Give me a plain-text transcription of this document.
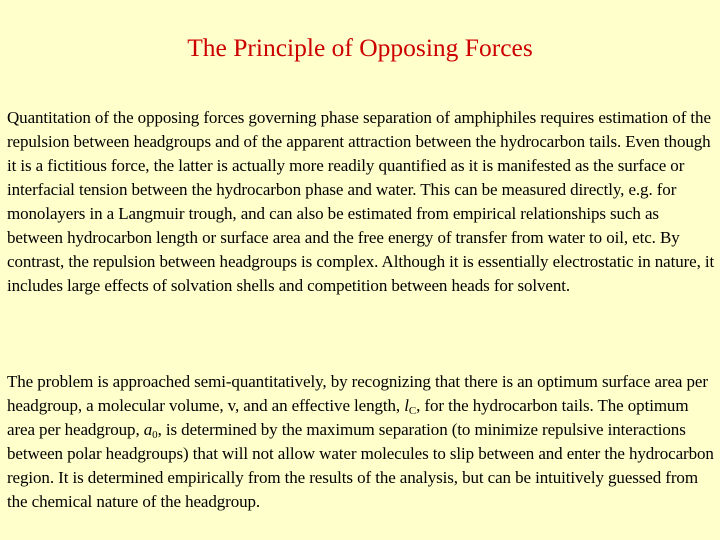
The Principle of Opposing Forces

Quantitation of the opposing forces governing phase separation of amphiphiles requires estimation of the repulsion between headgroups and of the apparent attraction between the hydrocarbon tails. Even though it is a fictitious force, the latter is actually more readily quantified as it is manifested as the surface or interfacial tension between the hydrocarbon phase and water. This can be measured directly, e.g. for monolayers in a Langmuir trough, and can also be estimated from empirical relationships such as between hydrocarbon length or surface area and the free energy of transfer from water to oil, etc. By contrast, the repulsion between headgroups is complex. Although it is essentially electrostatic in nature, it includes large effects of solvation shells and competition between heads for solvent.

The problem is approached semi-quantitatively, by recognizing that there is an optimum surface area per headgroup, a molecular volume, v, and an effective length, $l_C$, for the hydrocarbon tails. The optimum area per headgroup, $a_0$, is determined by the maximum separation (to minimize repulsive interactions between polar headgroups) that will not allow water molecules to slip between and enter the hydrocarbon region. It is determined empirically from the results of the analysis, but can be intuitively guessed from the chemical nature of the headgroup.
